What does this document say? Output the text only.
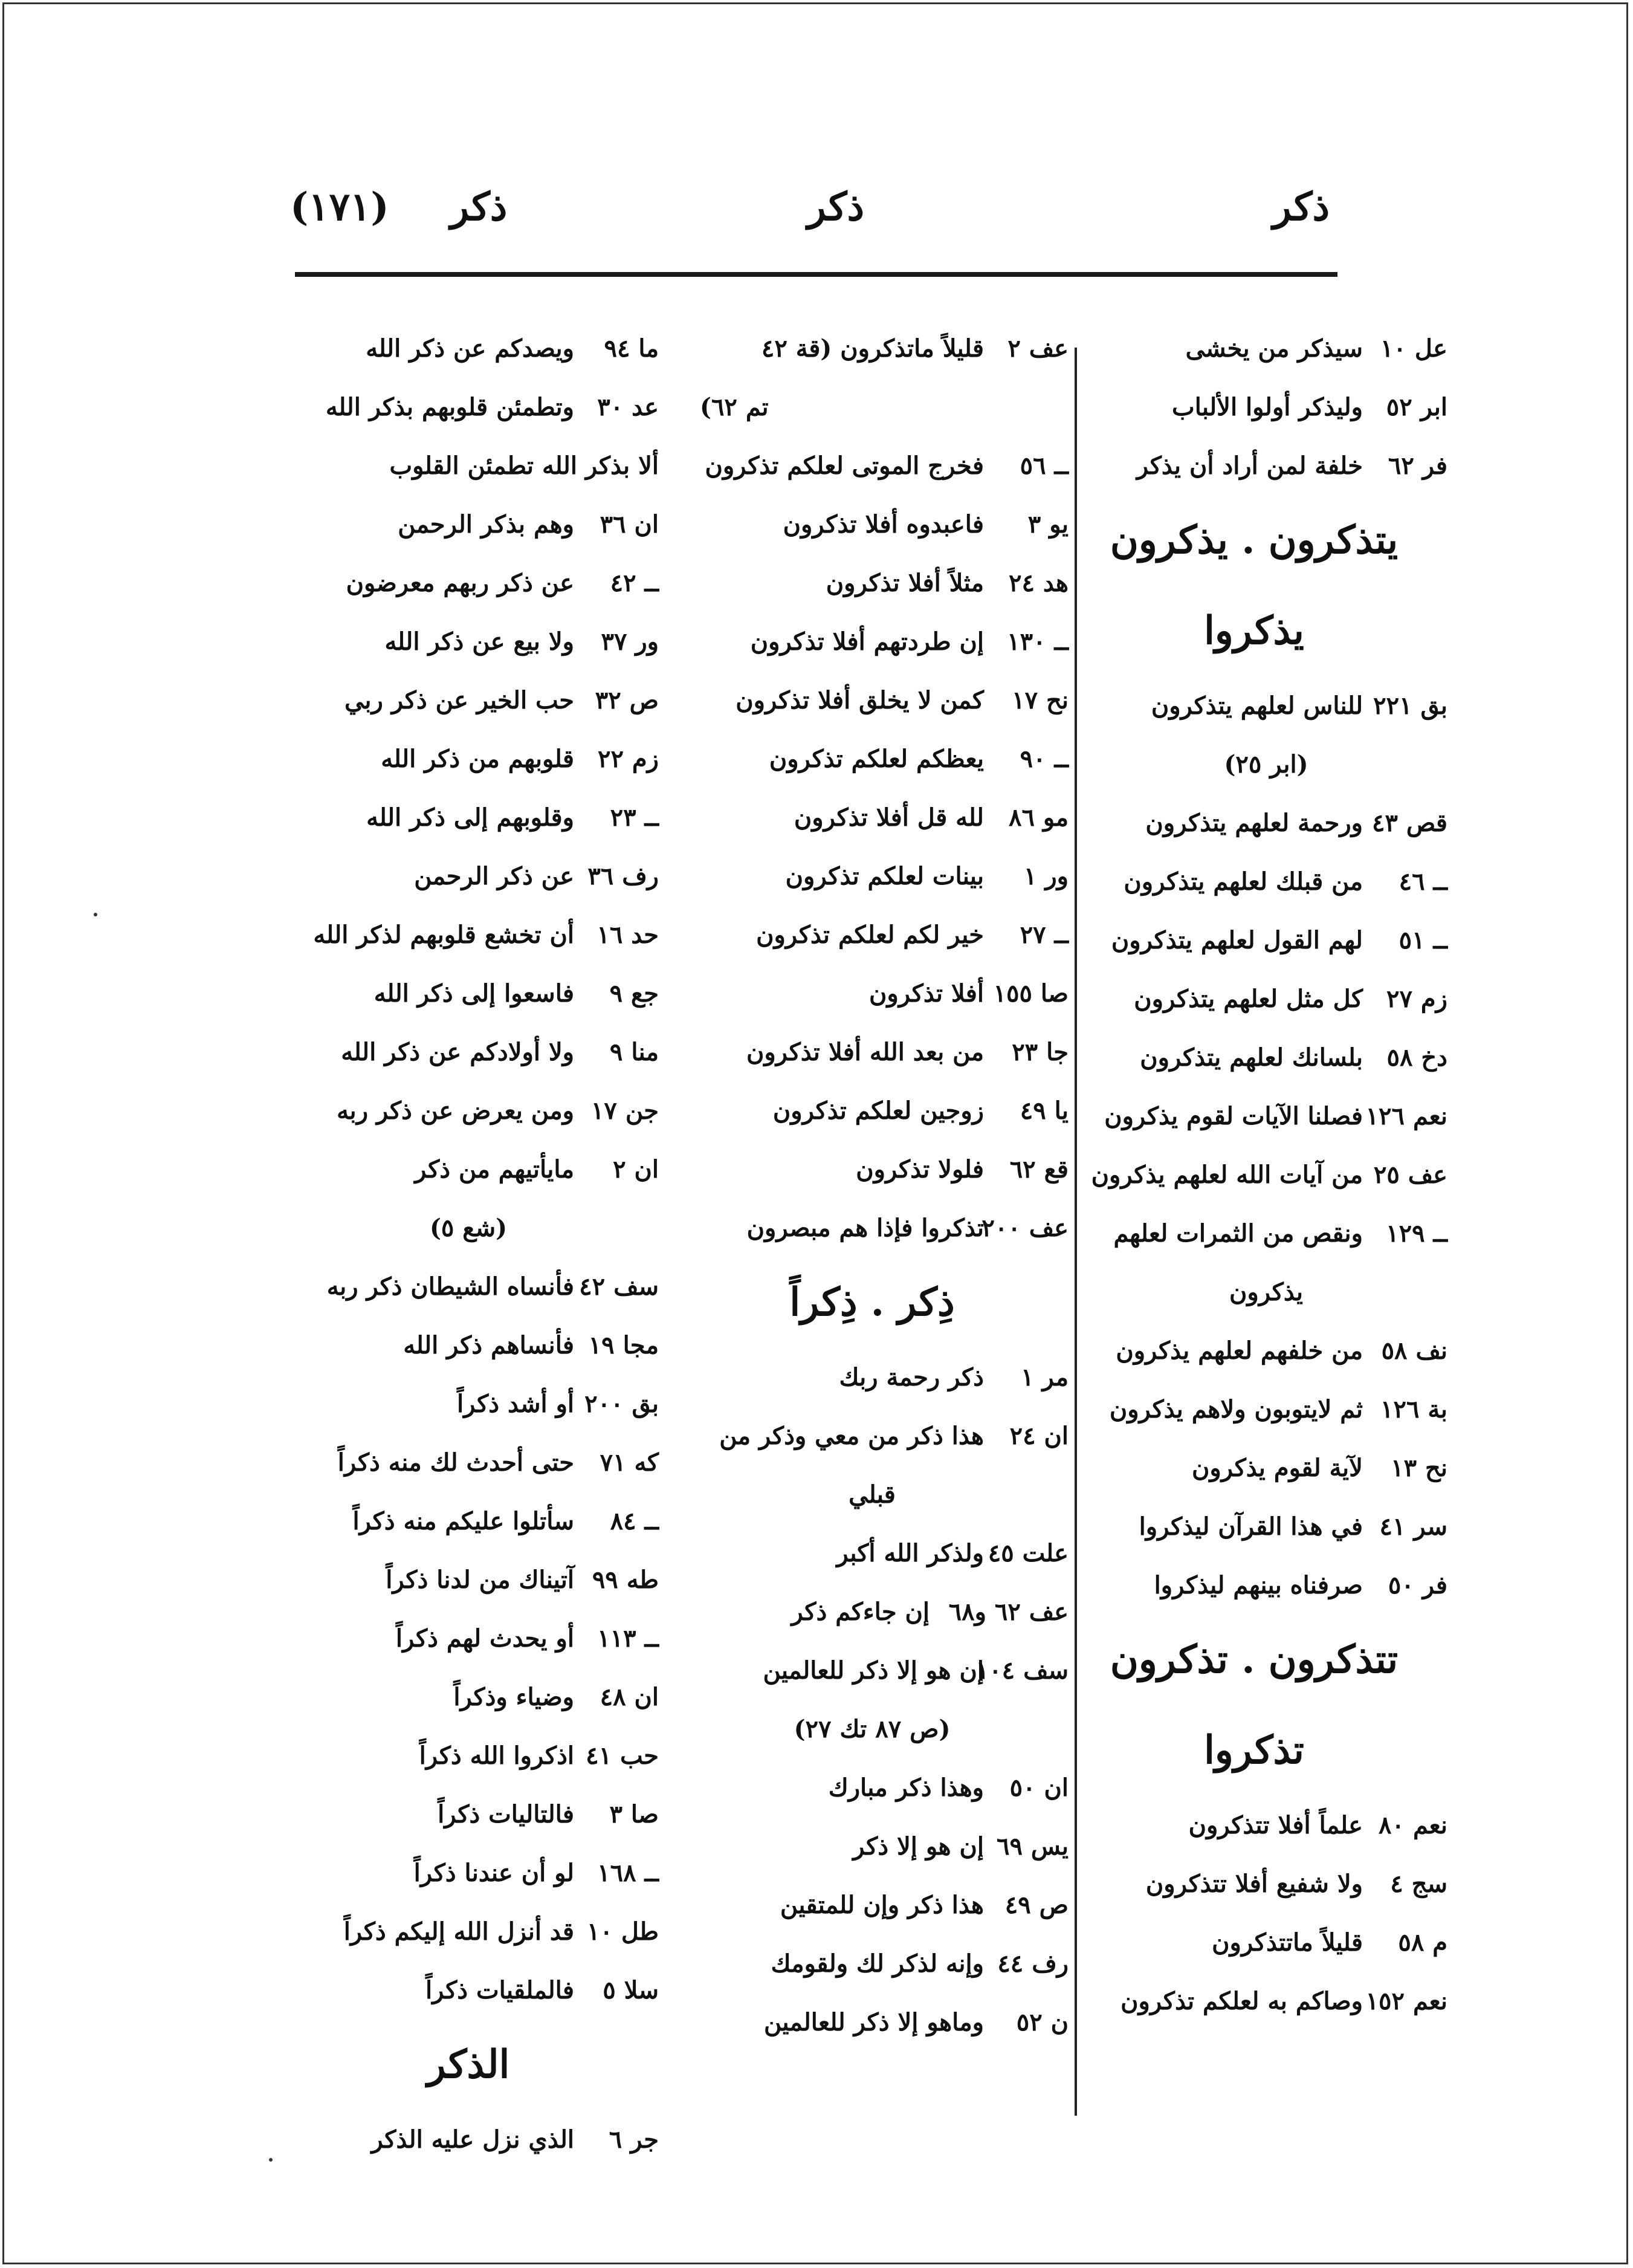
ذكر
ذكر
ذكر
(١٧١)
عل ١٠
سيذكر من يخشى
ابر ٥٢
وليذكر أولوا الألباب
فر ٦٢
خلفة لمن أراد أن يذكر
يتذكرون . يذكرون
يذكروا
بق ٢٢١
للناس لعلهم يتذكرون
(ابر ٢٥)
قص ٤٣
ورحمة لعلهم يتذكرون
ــ ٤٦
من قبلك لعلهم يتذكرون
ــ ٥١
لهم القول لعلهم يتذكرون
زم ٢٧
كل مثل لعلهم يتذكرون
دخ ٥٨
بلسانك لعلهم يتذكرون
نعم ١٢٦
فصلنا الآيات لقوم يذكرون
عف ٢٥
من آيات الله لعلهم يذكرون
ــ ١٢٩
ونقص من الثمرات لعلهم
يذكرون
نف ٥٨
من خلفهم لعلهم يذكرون
بة ١٢٦
ثم لايتوبون ولاهم يذكرون
نح ١٣
لآية لقوم يذكرون
سر ٤١
في هذا القرآن ليذكروا
فر ٥٠
صرفناه بينهم ليذكروا
تتذكرون . تذكرون
تذكروا
نعم ٨٠
علماً أفلا تتذكرون
سج ٤
ولا شفيع أفلا تتذكرون
م ٥٨
قليلاً ماتتذكرون
نعم ١٥٢
وصاكم به لعلكم تذكرون
عف ٢
قليلاً ماتذكرون (قة ٤٢
تم ٦٢)
ــ ٥٦
فخرج الموتى لعلكم تذكرون
يو ٣
فاعبدوه أفلا تذكرون
هد ٢٤
مثلاً أفلا تذكرون
ــ ١٣٠
إن طردتهم أفلا تذكرون
نح ١٧
كمن لا يخلق أفلا تذكرون
ــ ٩٠
يعظكم لعلكم تذكرون
مو ٨٦
لله قل أفلا تذكرون
ور ١
بينات لعلكم تذكرون
ــ ٢٧
خير لكم لعلكم تذكرون
صا ١٥٥
أفلا تذكرون
جا ٢٣
من بعد الله أفلا تذكرون
يا ٤٩
زوجين لعلكم تذكرون
قع ٦٢
فلولا تذكرون
عف ٢٠٠
تذكروا فإذا هم مبصرون
ذِكر . ذِكراً
مر ١
ذكر رحمة ربك
ان ٢٤
هذا ذكر من معي وذكر من
قبلي
علت ٤٥
ولذكر الله أكبر
عف ٦٢ و٦٨
إن جاءكم ذكر
سف ١٠٤
إن هو إلا ذكر للعالمين
(ص ٨٧ تك ٢٧)
ان ٥٠
وهذا ذكر مبارك
يس ٦٩
إن هو إلا ذكر
ص ٤٩
هذا ذكر وإن للمتقين
رف ٤٤
وإنه لذكر لك ولقومك
ن ٥٢
وماهو إلا ذكر للعالمين
ما ٩٤
ويصدكم عن ذكر الله
عد ٣٠
وتطمئن قلوبهم بذكر الله
ألا بذكر الله تطمئن القلوب
ان ٣٦
وهم بذكر الرحمن
ــ ٤٢
عن ذكر ربهم معرضون
ور ٣٧
ولا بيع عن ذكر الله
ص ٣٢
حب الخير عن ذكر ربي
زم ٢٢
قلوبهم من ذكر الله
ــ ٢٣
وقلوبهم إلى ذكر الله
رف ٣٦
عن ذكر الرحمن
حد ١٦
أن تخشع قلوبهم لذكر الله
جع ٩
فاسعوا إلى ذكر الله
منا ٩
ولا أولادكم عن ذكر الله
جن ١٧
ومن يعرض عن ذكر ربه
ان ٢
مايأتيهم من ذكر
(شع ٥)
سف ٤٢
فأنساه الشيطان ذكر ربه
مجا ١٩
فأنساهم ذكر الله
بق ٢٠٠
أو أشد ذكراً
كه ٧١
حتى أحدث لك منه ذكراً
ــ ٨٤
سأتلوا عليكم منه ذكراً
طه ٩٩
آتيناك من لدنا ذكراً
ــ ١١٣
أو يحدث لهم ذكراً
ان ٤٨
وضياء وذكراً
حب ٤١
اذكروا الله ذكراً
صا ٣
فالتاليات ذكراً
ــ ١٦٨
لو أن عندنا ذكراً
طل ١٠
قد أنزل الله إليكم ذكراً
سلا ٥
فالملقيات ذكراً
الذكر
جر ٦
الذي نزل عليه الذكر
